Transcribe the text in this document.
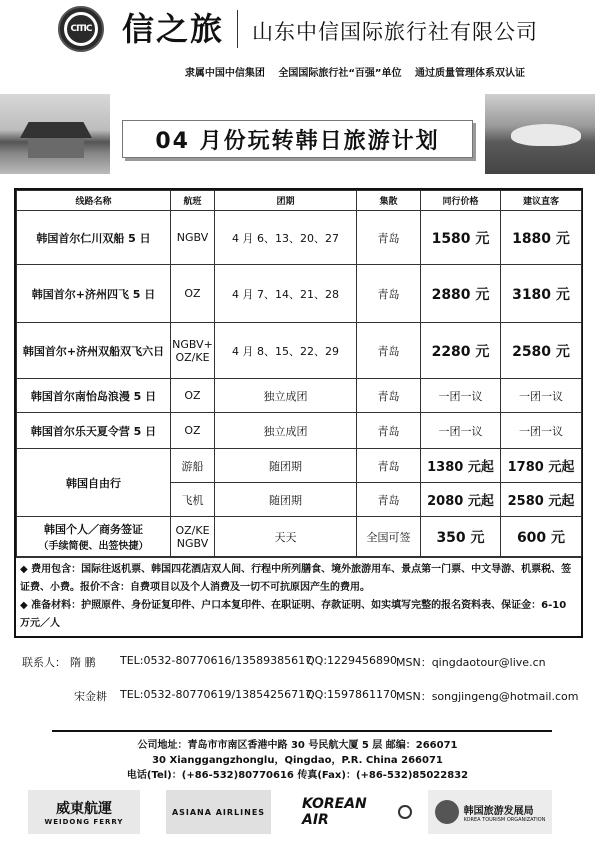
CITIC 信之旅 山东中信国际旅行社有限公司
隶属中国中信集团 全国国际旅行社“百强”单位 通过质量管理体系双认证
04 月份玩转韩日旅游计划
线路名称	航班	团期	集散	同行价格	建议直客
韩国首尔仁川双船 5 日	NGBV	4 月 6、13、20、27	青岛	1580 元	1880 元
韩国首尔+济州四飞 5 日	OZ	4 月 7、14、21、28	青岛	2880 元	3180 元
韩国首尔+济州双船双飞六日	NGBV+ OZ/KE	4 月 8、15、22、29	青岛	2280 元	2580 元
韩国首尔南怡岛浪漫 5 日	OZ	独立成团	青岛	一团一议	一团一议
韩国首尔乐天夏令营 5 日	OZ	独立成团	青岛	一团一议	一团一议
韩国自由行	游船	随团期	青岛	1380 元起	1780 元起
	飞机	随团期	青岛	2080 元起	2580 元起

韩国个人／商务签证
（手续简便、出签快捷）	OZ/KE NGBV	天天	全国可签	350 元	600 元
◆ 费用包含：国际往返机票、韩国四花酒店双人间、行程中所列膳食、境外旅游用车、景点第一门票、中文导游、机票税、签证费、小费。报价不含：自费项目以及个人消费及一切不可抗原因产生的费用。
◆ 准备材料：护照原件、身份证复印件、户口本复印件、在职证明、存款证明、如实填写完整的报名资料表、保证金：6-10 万元／人
联系人： 隋 鹏 TEL:0532-80770616/13589385617
QQ:1229456890
MSN：qingdaotour@live.cn
宋金耕 TEL:0532-80770619/13854256717
QQ:1597861170
MSN：songjingeng@hotmail.com
公司地址：青岛市市南区香港中路 30 号民航大厦 5 层 邮编：266071
30 Xianggangzhonglu，Qingdao，P.R. China 266071
电话(Tel)：(+86-532)80770616 传真(Fax)：(+86-532)85022832
威東航運
WEIDONG FERRY
ASIANA AIRLINES	KOREAN AIR
韩国旅游发展局
KOREA TOURISM ORGANIZATION
